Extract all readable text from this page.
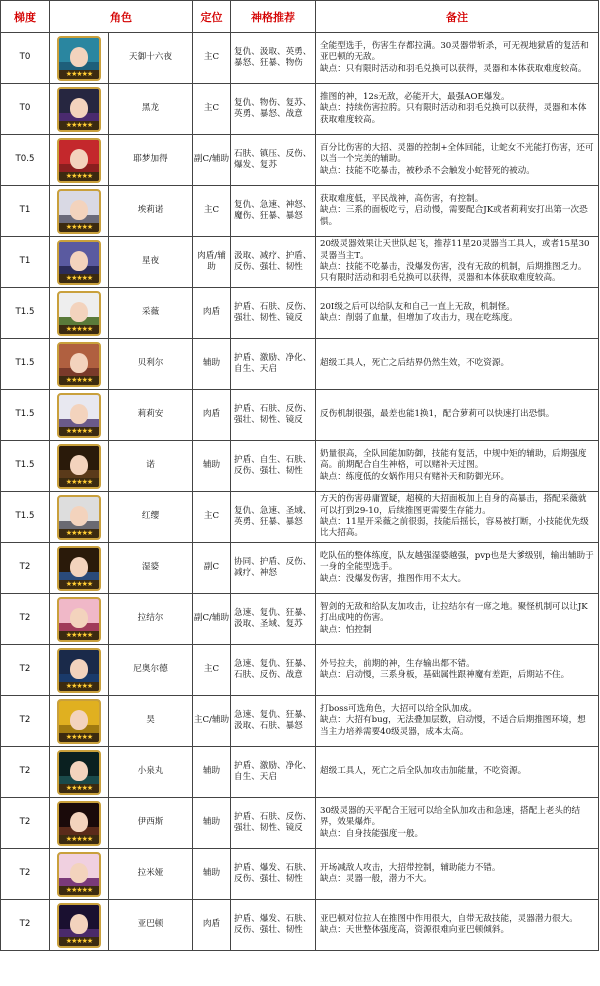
梯度	角色		定位	神格推荐	备注
T0	★★★★★	天御十六夜	主C	复仇、汲取、英勇、暴怒、狂暴、物伤	全能型选手，伤害生存都拉满。30灵器带斩杀，可无视地狱盾的复活和亚巴顿的无敌。
缺点：只有限时活动和羽毛兑换可以获得，灵器和本体获取难度较高。
T0	★★★★★	黑龙	主C	复仇、物伤、复苏、英勇、暴怒、战意	推图的神，12s无敌，必能开大，最强AOE爆发。
缺点：持续伤害拉胯。只有限时活动和羽毛兑换可以获得，灵器和本体获取难度较高。
T0.5	★★★★★	耶梦加得	副C/辅助	石肤、镇压、反伤、爆发、复苏	百分比伤害的大招、灵器的控制+全体回能，让蛇女不光能打伤害，还可以当一个完美的辅助。
缺点：技能不吃暴击，被秒杀不会触发小蛇替死的被动。
T1	★★★★★	埃莉诺	主C	复仇、急速、神怒、魔伤、狂暴、暴怒	获取难度低，平民战神，高伤害，有控制。
缺点：三系的面板吃亏，启动慢，需要配合JK或者莉莉安打出第一次恐惧。
T1	★★★★★	星夜	肉盾/辅助	汲取、减疗、护盾、反伤、强壮、韧性	20级灵器效果让天世队起飞，推荐11星20灵器当工具人，或者15星30灵器当主T。
缺点：技能不吃暴击，没爆发伤害，没有无敌的机制，后期推图乏力。只有限时活动和羽毛兑换可以获得，灵器和本体获取难度较高。
T1.5	★★★★★	采薇	肉盾	护盾、石肤、反伤、强壮、韧性、镜反	20I级之后可以给队友和自己一直上无敌，机制怪。
缺点：削弱了血量，但增加了攻击力，现在吃练度。
T1.5	★★★★★	贝利尔	辅助	护盾、激励、净化、自生、天启	超级工具人，死亡之后结界仍然生效，不吃资源。
T1.5	★★★★★	莉莉安	肉盾	护盾、石肤、反伤、强壮、韧性、镜反	反伤机制很强，最差也能1换1，配合萝莉可以快速打出恐惧。
T1.5	★★★★★	诺	辅助	护盾、自生、石肤、反伤、强壮、韧性	奶量很高，全队回能加防御，技能有复活，中规中矩的辅助，后期强度高。前期配合自生神格，可以赌补天过图。
缺点：练度低的女娲作用只有赌补天和防御光环。
T1.5	★★★★★	红缨	主C	复仇、急速、圣域、英勇、狂暴、暴怒	方天的伤害毋庸置疑，超模的大招面板加上自身的高暴击，搭配采薇就可以打到29-10，后续推图更需要生存能力。
缺点：11星开采薇之前很弱，技能后摇长，容易被打断，小技能优先级比大招高。
T2	★★★★★	湿婆	副C	协同、护盾、反伤、减疗、神怒	吃队伍的整体练度，队友越强湿婆越强，pvp也是大爹级别，输出辅助于一身的全能型选手。
缺点：没爆发伤害，推图作用不太大。
T2	★★★★★	拉结尔	副C/辅助	急速、复仇、狂暴、汲取、圣域、复苏	智剑的无敌和给队友加攻击，让拉结尔有一席之地。聚怪机制可以让JK打出成吨的伤害。
缺点：怕控制
T2	★★★★★	尼奥尔德	主C	急速、复仇、狂暴、石肤、反伤、战意	外号拉夫，前期的神，生存输出都不错。
缺点：启动慢，三系身板，基础属性跟神魔有差距，后期站不住。
T2	★★★★★	昊	主C/辅助	急速、复仇、狂暴、汲取、石肤、暴怒	打boss可选角色，大招可以给全队加成。
缺点：大招有bug，无法叠加层数，启动慢，不适合后期推图环境，想当主力培养需要40级灵器，成本太高。
T2	★★★★★	小泉丸	辅助	护盾、激励、净化、自生、天启	超级工具人，死亡之后全队加攻击加能量，不吃资源。
T2	★★★★★	伊西斯	辅助	护盾、石肤、反伤、强壮、韧性、镜反	30级灵器的天平配合王冠可以给全队加攻击和急速，搭配上老头的结界，效果爆炸。
缺点：自身技能强度一般。
T2	★★★★★	拉米娅	辅助	护盾、爆发、石肤、反伤、强壮、韧性	开场减敌人攻击，大招带控制，辅助能力不错。
缺点：灵器一般，潜力不大。
T2	★★★★★	亚巴顿	肉盾	护盾、爆发、石肤、反伤、强壮、韧性	亚巴顿对位拉人在推图中作用很大，自带无敌技能，灵器潜力很大。
缺点：天世整体强度高，资源很难向亚巴顿倾斜。
